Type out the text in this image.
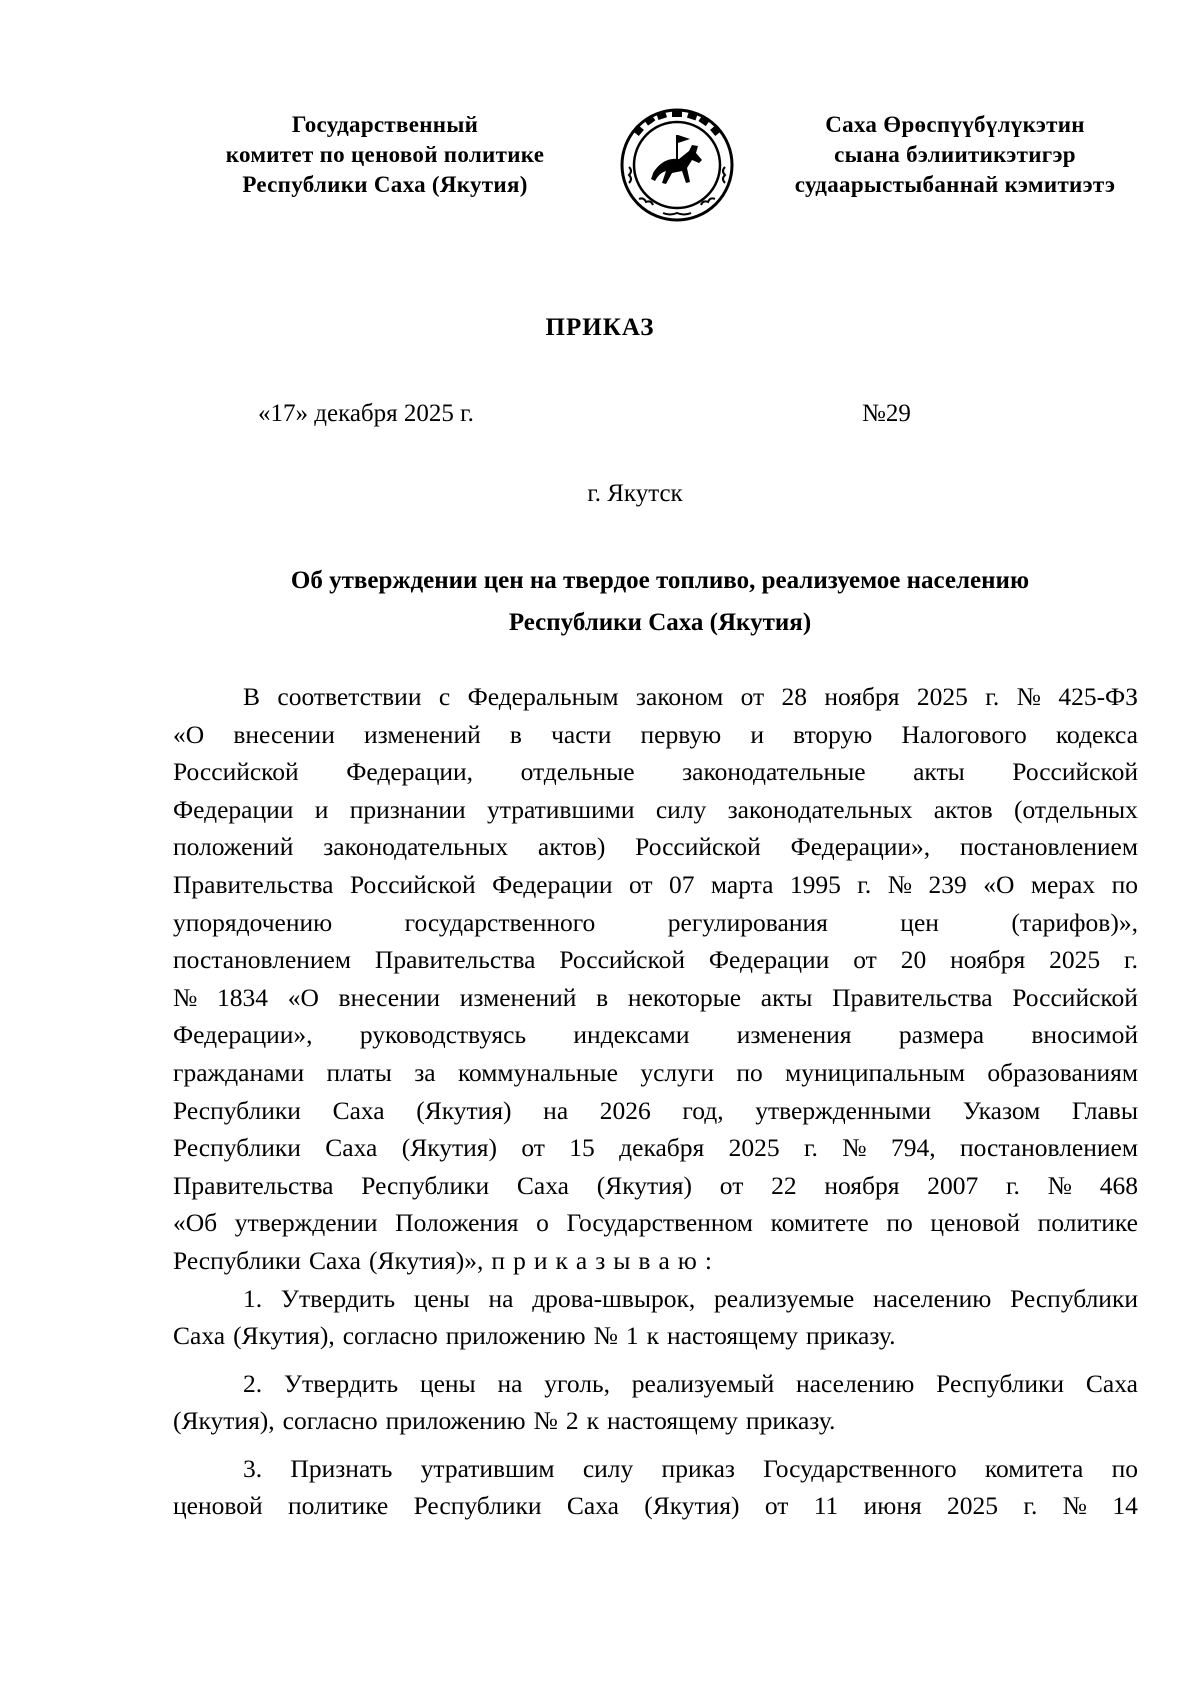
Государственный
комитет по ценовой политике
Республики Саха (Якутия)
Саха Өрөспүүбүлүкэтин
сыана бэлиитикэтигэр
судаарыстыбаннай кэмитиэтэ
ПРИКАЗ
«17» декабря 2025 г.	№29
г. Якутск
Об утверждении цен на твердое топливо, реализуемое населению
Республики Саха (Якутия)
В соответствии с Федеральным законом от 28 ноября 2025 г. № 425-ФЗ
«О внесении изменений в части первую и вторую Налогового кодекса
Российской Федерации, отдельные законодательные акты Российской
Федерации и признании утратившими силу законодательных актов (отдельных
положений законодательных актов) Российской Федерации», постановлением
Правительства Российской Федерации от 07 марта 1995 г. № 239 «О мерах по
упорядочению	государственного	регулирования	цен	(тарифов)»,
постановлением Правительства Российской Федерации от 20 ноября 2025 г.
№ 1834 «О внесении изменений в некоторые акты Правительства Российской
Федерации», руководствуясь индексами изменения размера вносимой
гражданами платы за коммунальные услуги по муниципальным образованиям
Республики Саха (Якутия) на 2026 год, утвержденными Указом Главы
Республики Саха (Якутия) от 15 декабря 2025 г. № 794, постановлением
Правительства Республики Саха (Якутия) от 22 ноября 2007 г. № 468
«Об утверждении Положения о Государственном комитете по ценовой политике
Республики Саха (Якутия)», п р и к а з ы в а ю :
1. Утвердить цены на дрова-швырок, реализуемые населению Республики
Саха (Якутия), согласно приложению № 1 к настоящему приказу.
2. Утвердить цены на уголь, реализуемый населению Республики Саха
(Якутия), согласно приложению № 2 к настоящему приказу.
3. Признать утратившим силу приказ Государственного комитета по
ценовой политике Республики Саха (Якутия) от 11 июня 2025 г. № 14
